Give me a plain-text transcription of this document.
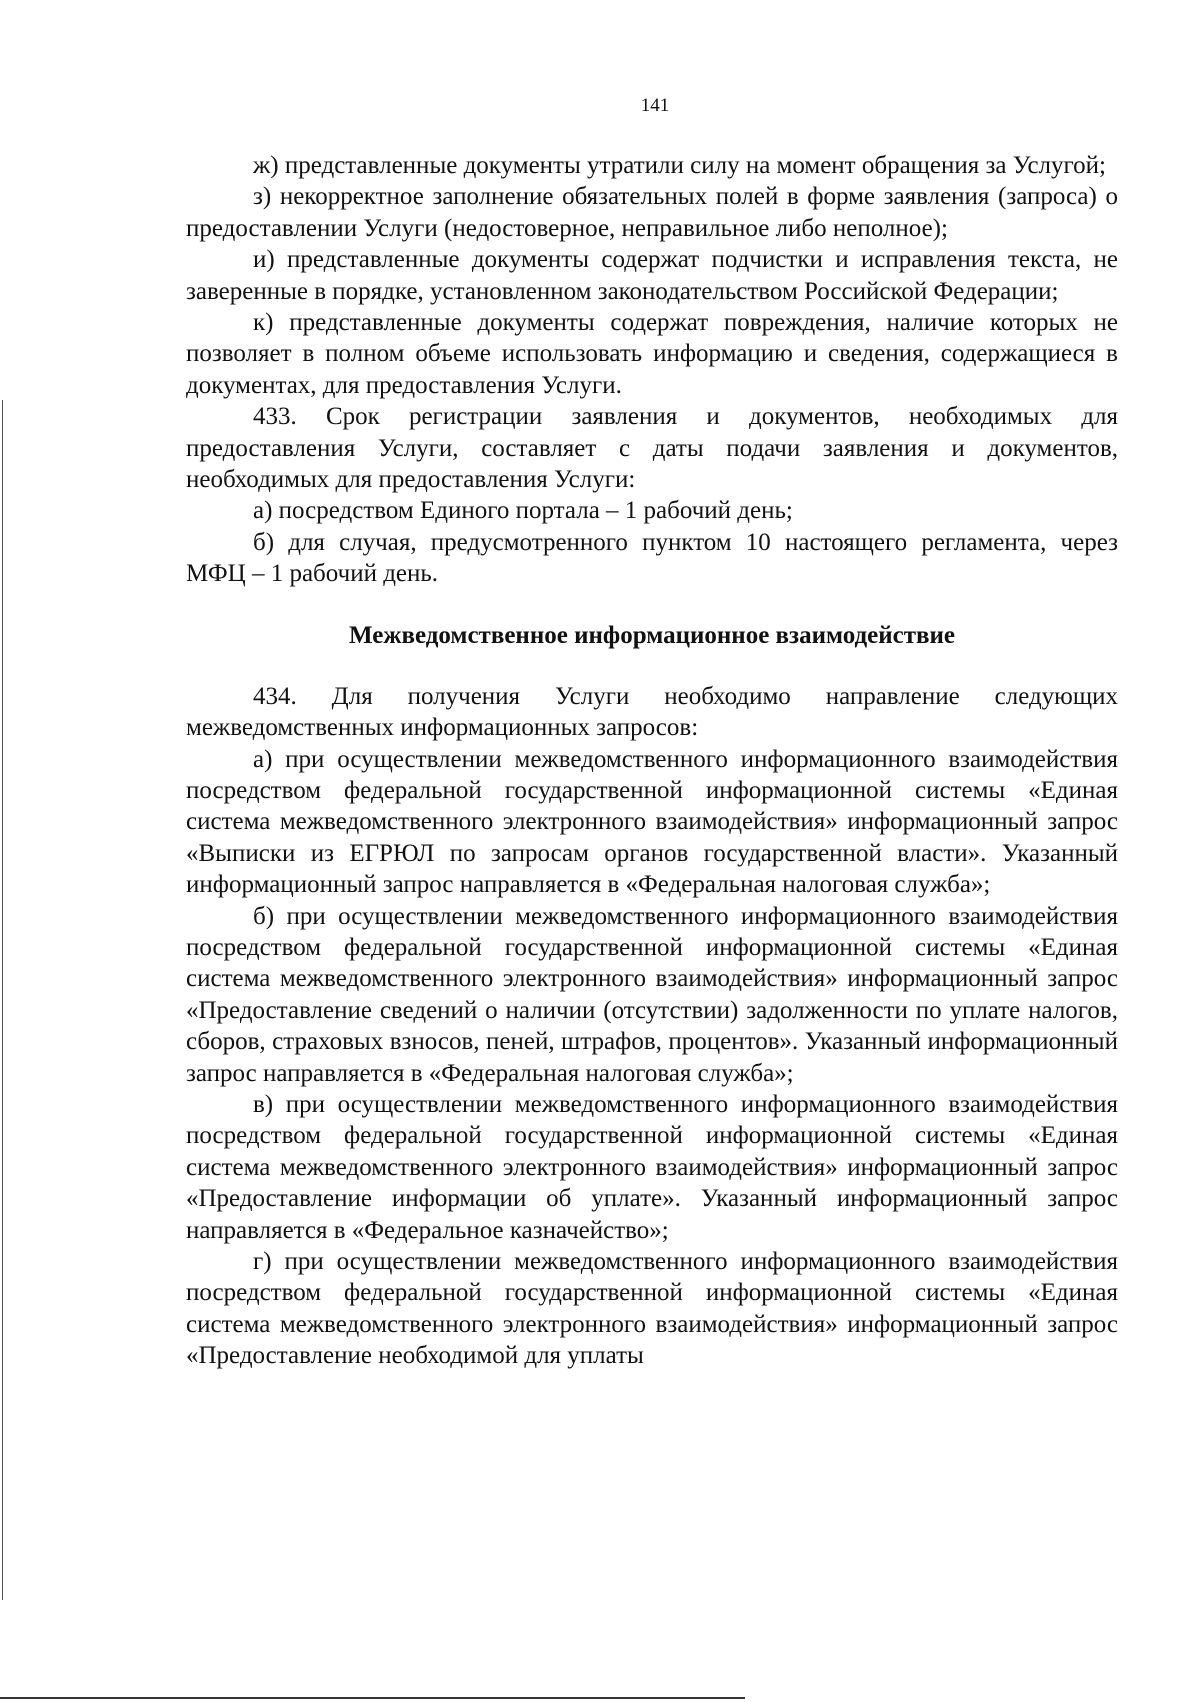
141

ж) представленные документы утратили силу на момент обращения за Услугой;

з) некорректное заполнение обязательных полей в форме заявления (запроса) о предоставлении Услуги (недостоверное, неправильное либо неполное);

и) представленные документы содержат подчистки и исправления текста, не заверенные в порядке, установленном законодательством Российской Федерации;

к) представленные документы содержат повреждения, наличие которых не позволяет в полном объеме использовать информацию и сведения, содержащиеся в документах, для предоставления Услуги.

433. Срок регистрации заявления и документов, необходимых для предоставления Услуги, составляет с даты подачи заявления и документов, необходимых для предоставления Услуги:

а) посредством Единого портала – 1 рабочий день;

б) для случая, предусмотренного пунктом 10 настоящего регламента, через МФЦ – 1 рабочий день.

Межведомственное информационное взаимодействие

434. Для получения Услуги необходимо направление следующих межведомственных информационных запросов:

а) при осуществлении межведомственного информационного взаимодействия посредством федеральной государственной информационной системы «Единая система межведомственного электронного взаимодействия» информационный запрос «Выписки из ЕГРЮЛ по запросам органов государственной власти». Указанный информационный запрос направляется в «Федеральная налоговая служба»;

б) при осуществлении межведомственного информационного взаимодействия посредством федеральной государственной информационной системы «Единая система межведомственного электронного взаимодействия» информационный запрос «Предоставление сведений о наличии (отсутствии) задолженности по уплате налогов, сборов, страховых взносов, пеней, штрафов, процентов». Указанный информационный запрос направляется в «Федеральная налоговая служба»;

в) при осуществлении межведомственного информационного взаимодействия посредством федеральной государственной информационной системы «Единая система межведомственного электронного взаимодействия» информационный запрос «Предоставление информации об уплате». Указанный информационный запрос направляется в «Федеральное казначейство»;

г) при осуществлении межведомственного информационного взаимодействия посредством федеральной государственной информационной системы «Единая система межведомственного электронного взаимодействия» информационный запрос «Предоставление необходимой для уплаты
